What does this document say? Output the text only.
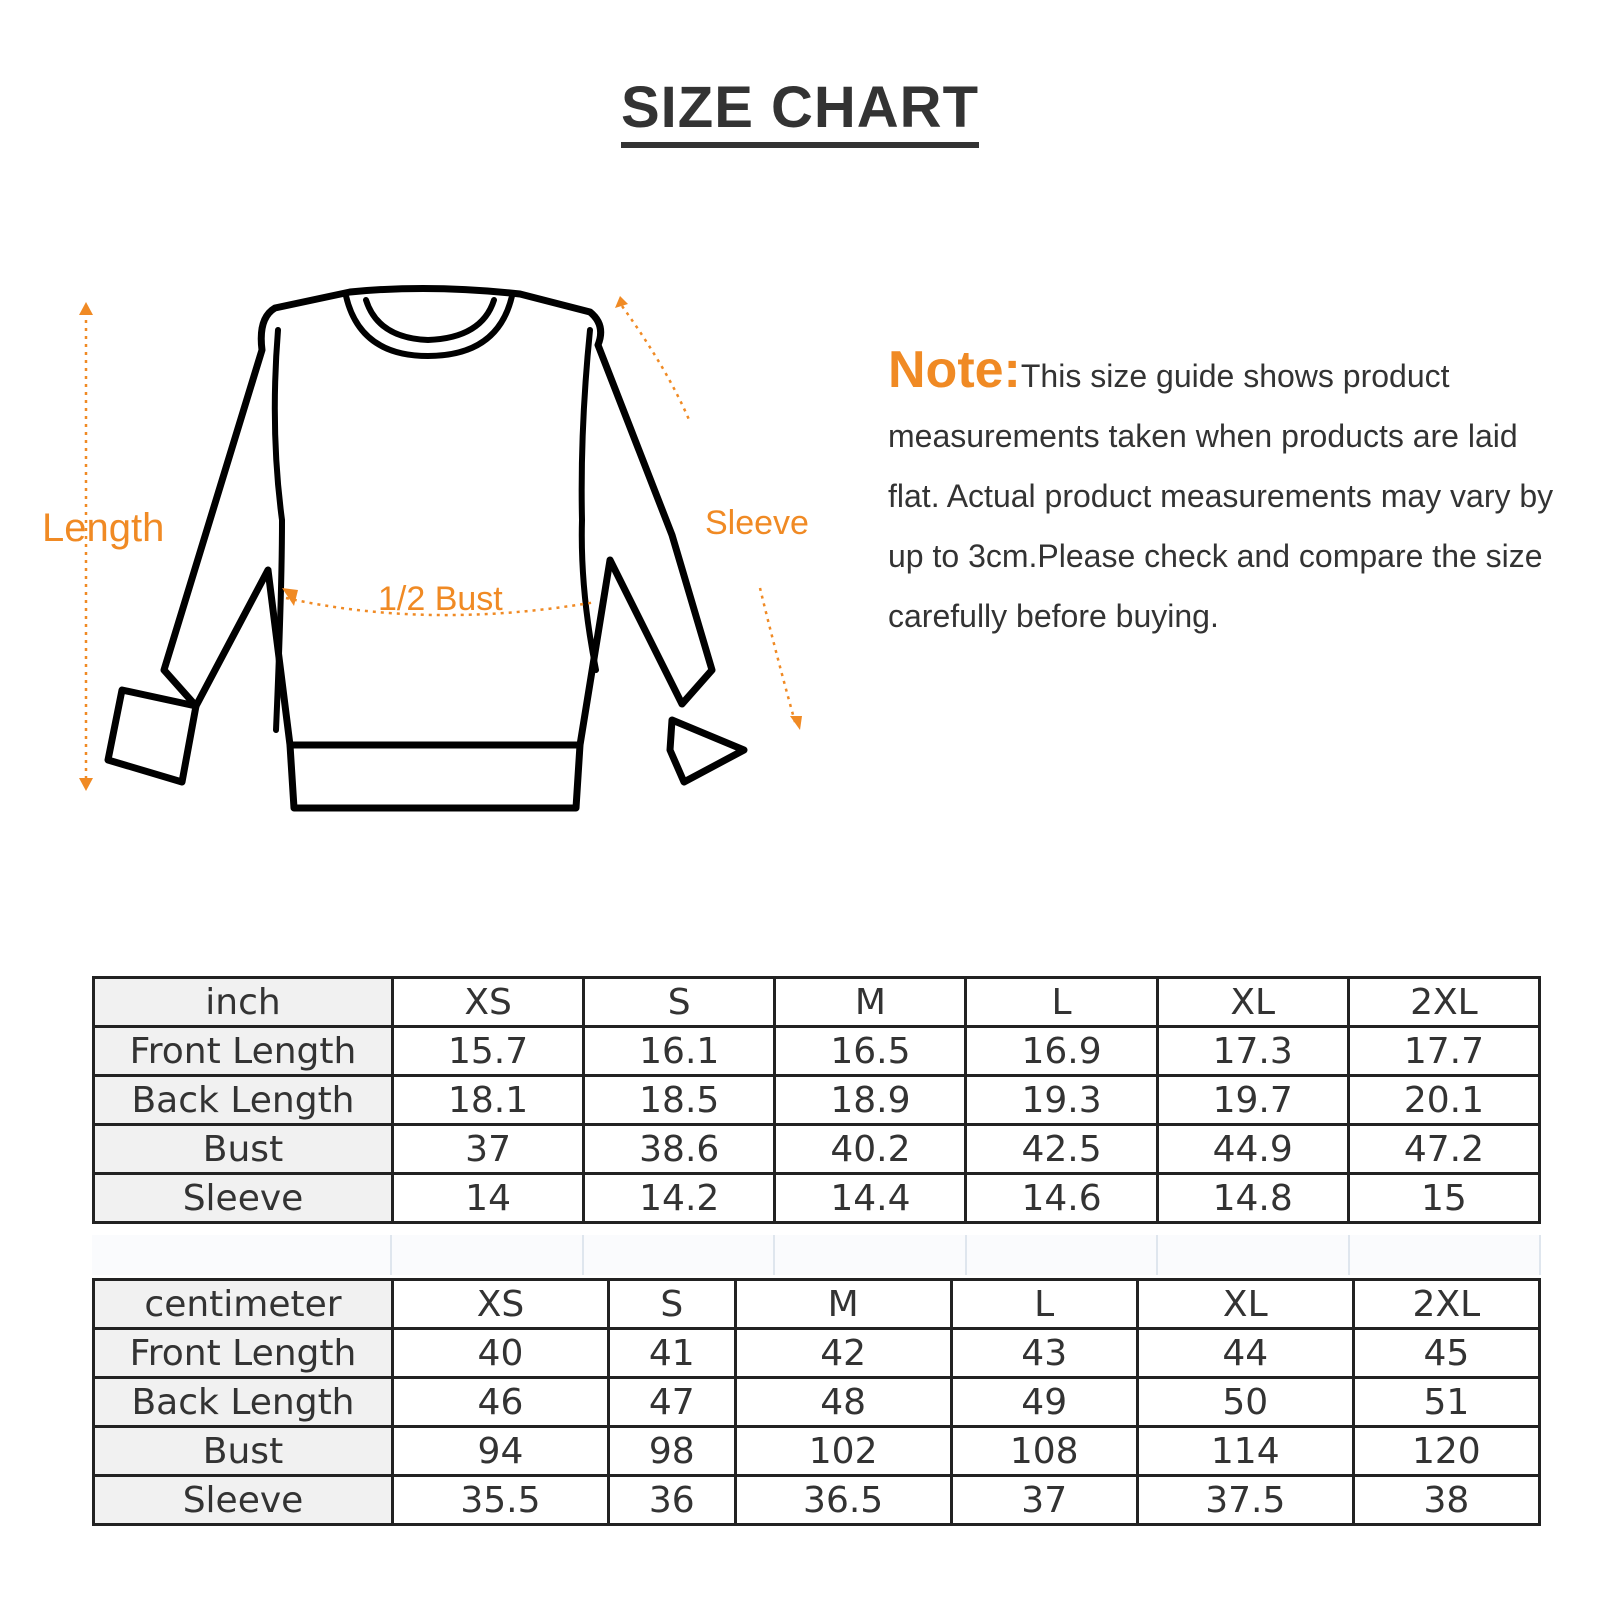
SIZE CHART
Length	Sleeve
1/2 Bust
Note:This size guide shows product measurements taken when products are laid flat. Actual product measurements may vary by up to 3cm.Please check and compare the size carefully before buying.
inch	XS	S	M	L	XL	2XL
Front Length	15.7	16.1	16.5	16.9	17.3	17.7
Back Length	18.1	18.5	18.9	19.3	19.7	20.1
Bust	37	38.6	40.2	42.5	44.9	47.2
Sleeve	14	14.2	14.4	14.6	14.8	15
centimeter	XS	S	M	L	XL	2XL
Front Length	40	41	42	43	44	45
Back Length	46	47	48	49	50	51
Bust	94	98	102	108	114	120
Sleeve	35.5	36	36.5	37	37.5	38
